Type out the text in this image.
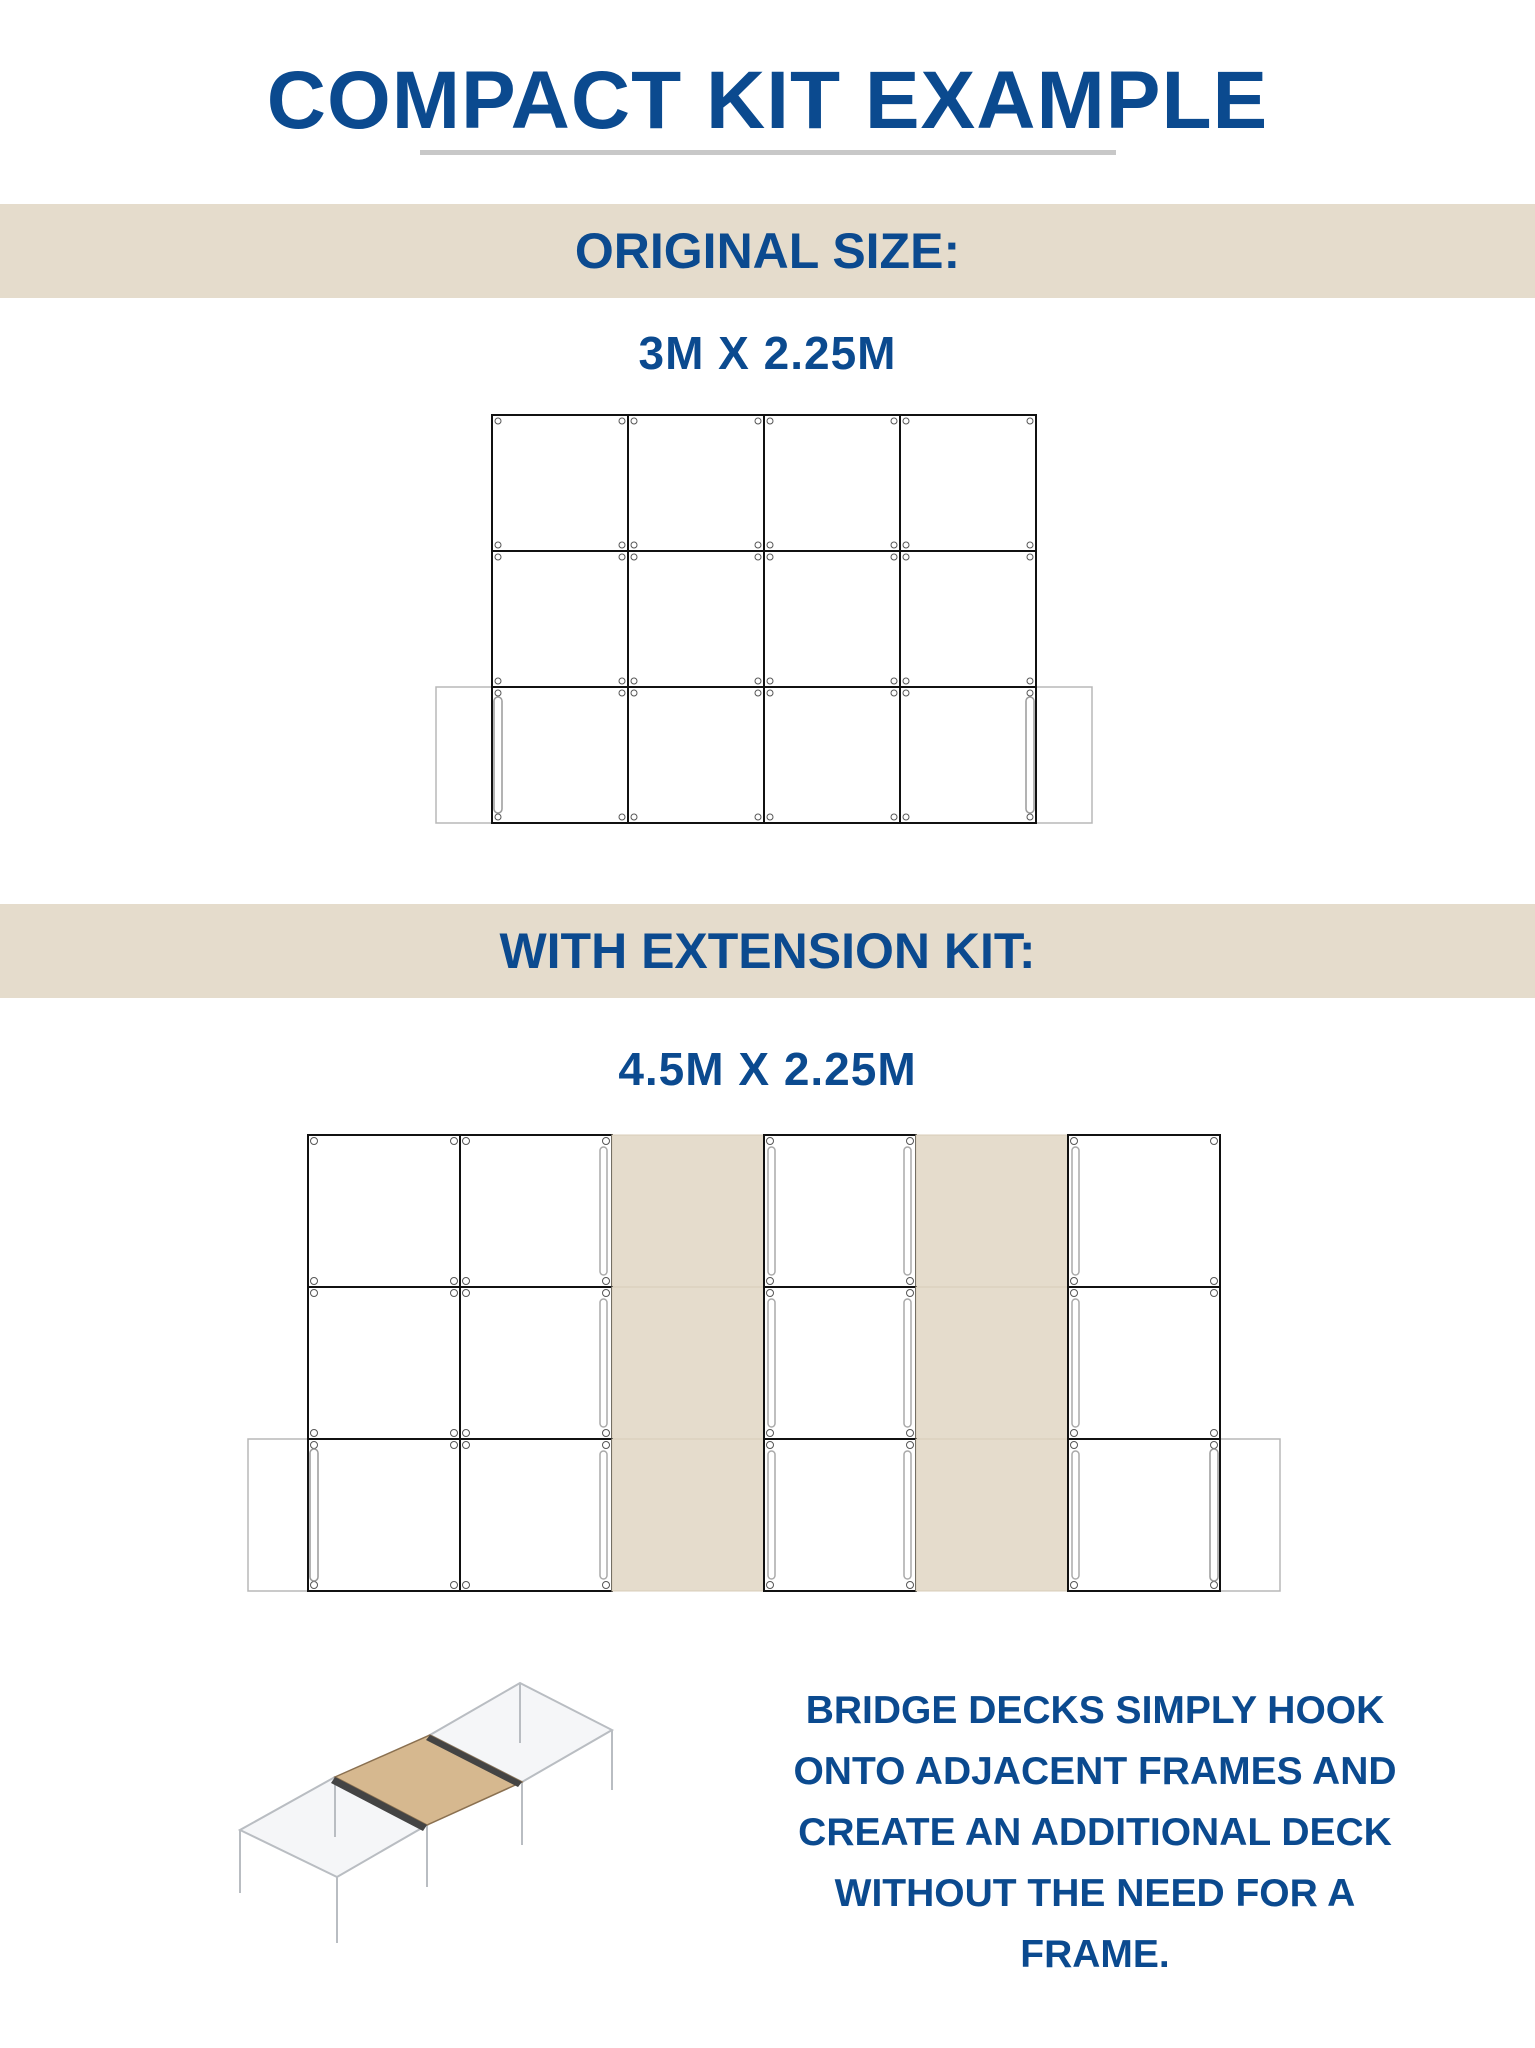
COMPACT KIT EXAMPLE
ORIGINAL SIZE:
3M X 2.25M
WITH EXTENSION KIT:
4.5M X 2.25M
BRIDGE DECKS SIMPLY HOOK
ONTO ADJACENT FRAMES AND
CREATE AN ADDITIONAL DECK
WITHOUT THE NEED FOR A
FRAME.
